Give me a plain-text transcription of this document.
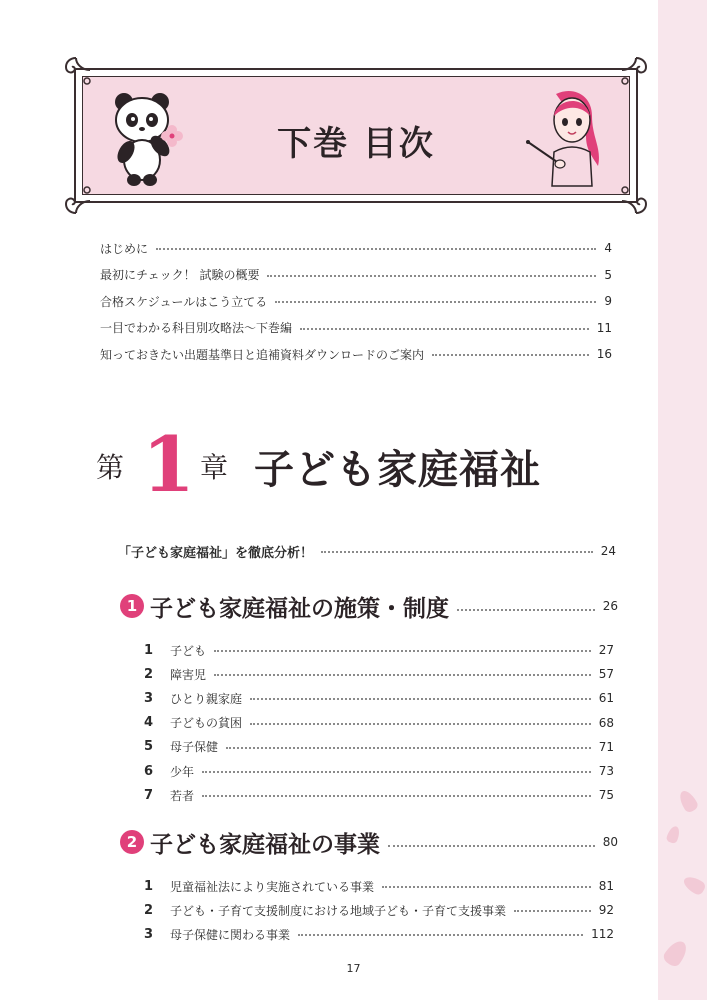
下巻 目次
はじめに	4
最初にチェック！ 試験の概要	5
合格スケジュールはこう立てる	9
一目でわかる科目別攻略法～下巻編	11
知っておきたい出題基準日と追補資料ダウンロードのご案内	16
第 1 章 子ども家庭福祉
「子ども家庭福祉」を徹底分析！	24
1 子ども家庭福祉の施策・制度	26
1	子ども	27
2	障害児	57
3	ひとり親家庭	61
4	子どもの貧困	68
5	母子保健	71
6	少年	73
7	若者	75
2 子ども家庭福祉の事業	80
1	児童福祉法により実施されている事業	81
2	子ども・子育て支援制度における地域子ども・子育て支援事業	92
3	母子保健に関わる事業	112
17
